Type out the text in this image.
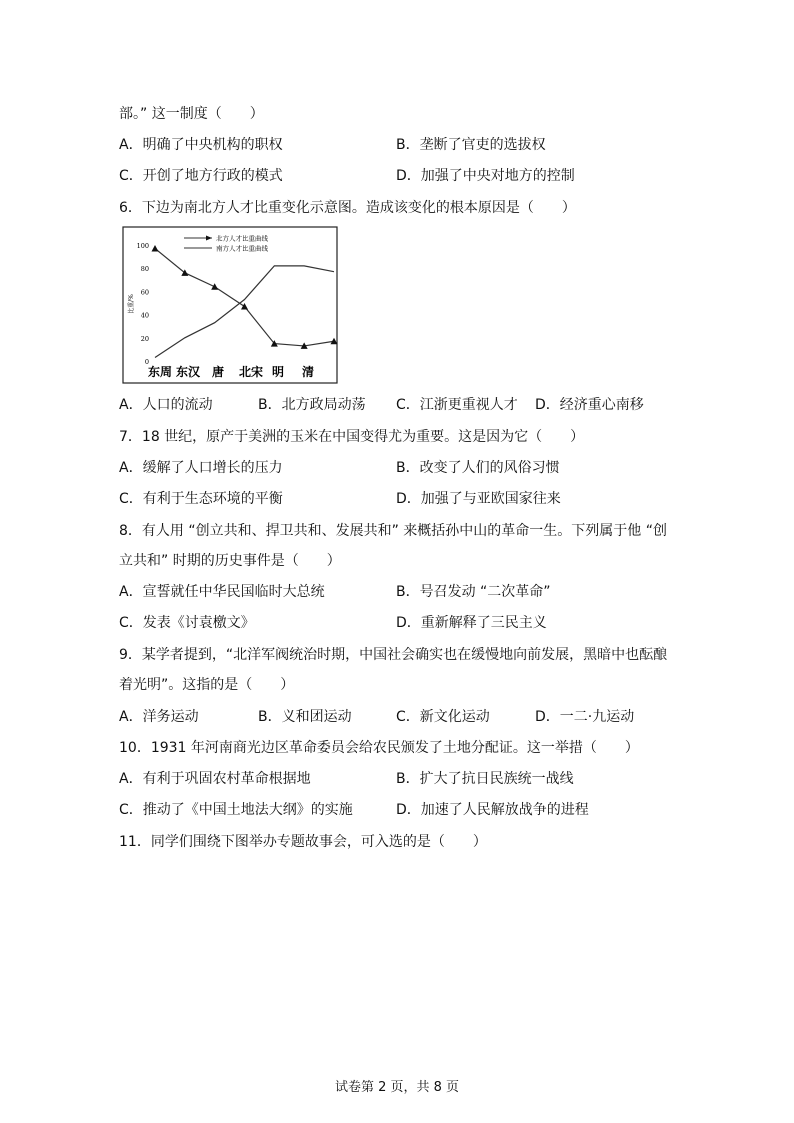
部。” 这一制度（　　）
A．明确了中央机构的职权	B．垄断了官吏的选拔权
C．开创了地方行政的模式	D．加强了中央对地方的控制
6．下边为南北方人才比重变化示意图。造成该变化的根本原因是（　　）
0
20
40
60
80
100
比重/%
北方人才比重曲线
南方人才比重曲线
东周 东汉 唐 北宋 明 清
A．人口的流动	B．北方政局动荡 C．江浙更重视人才 D．经济重心南移
7．18 世纪，原产于美洲的玉米在中国变得尤为重要。这是因为它（　　）
A．缓解了人口增长的压力	B．改变了人们的风俗习惯
C．有利于生态环境的平衡	D．加强了与亚欧国家往来
8．有人用 “创立共和、捍卫共和、发展共和” 来概括孙中山的革命一生。下列属于他 “创
立共和” 时期的历史事件是（　　）
A．宣誓就任中华民国临时大总统	B．号召发动 “二次革命”
C．发表《讨袁檄文》	D．重新解释了三民主义
9．某学者提到，“北洋军阀统治时期，中国社会确实也在缓慢地向前发展，黑暗中也酝酿
着光明”。这指的是（　　）
A．洋务运动	B．义和团运动	C．新文化运动	D．一二·九运动
10．1931 年河南商光边区革命委员会给农民颁发了土地分配证。这一举措（　　）
A．有利于巩固农村革命根据地	B．扩大了抗日民族统一战线
C．推动了《中国土地法大纲》的实施	D．加速了人民解放战争的进程
11．同学们围绕下图举办专题故事会，可入选的是（　　）
试卷第 2 页，共 8 页
